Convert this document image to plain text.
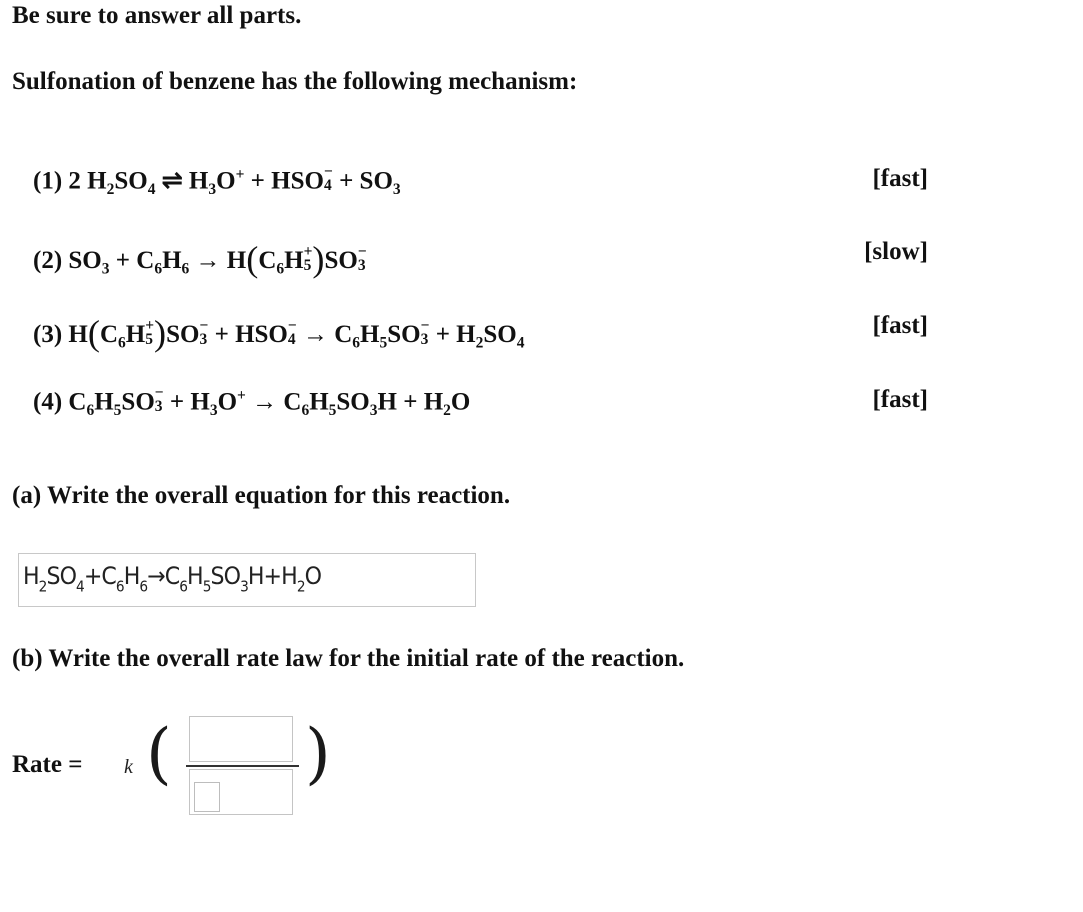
Be sure to answer all parts.
Sulfonation of benzene has the following mechanism:
(1) 2 $H_2SO_4$ ⇌ $H_3O^+$ + HSO −
$4 + SO_3$	[fast]
(2) $SO_3 + C_6H_6 \to H(C_6H$ +
5 )SO −
3
[slow]
(3) $H(C_6H$ +
5 )SO −
3 + HSO −
$4 \to C_6H_5SO$ −
$3 + H_2SO_4$
[fast]
(4) $C_6H_5SO$ −
$3 + H_3O^+ \to C_6H_5SO_3H + H_2O$	[fast]
(a) Write the overall equation for this reaction.
$H_2SO_4+C_6H_6\to C_6H_5SO_3H+H_2O$
(b) Write the overall rate law for the initial rate of the reaction.
Rate = k ( )
